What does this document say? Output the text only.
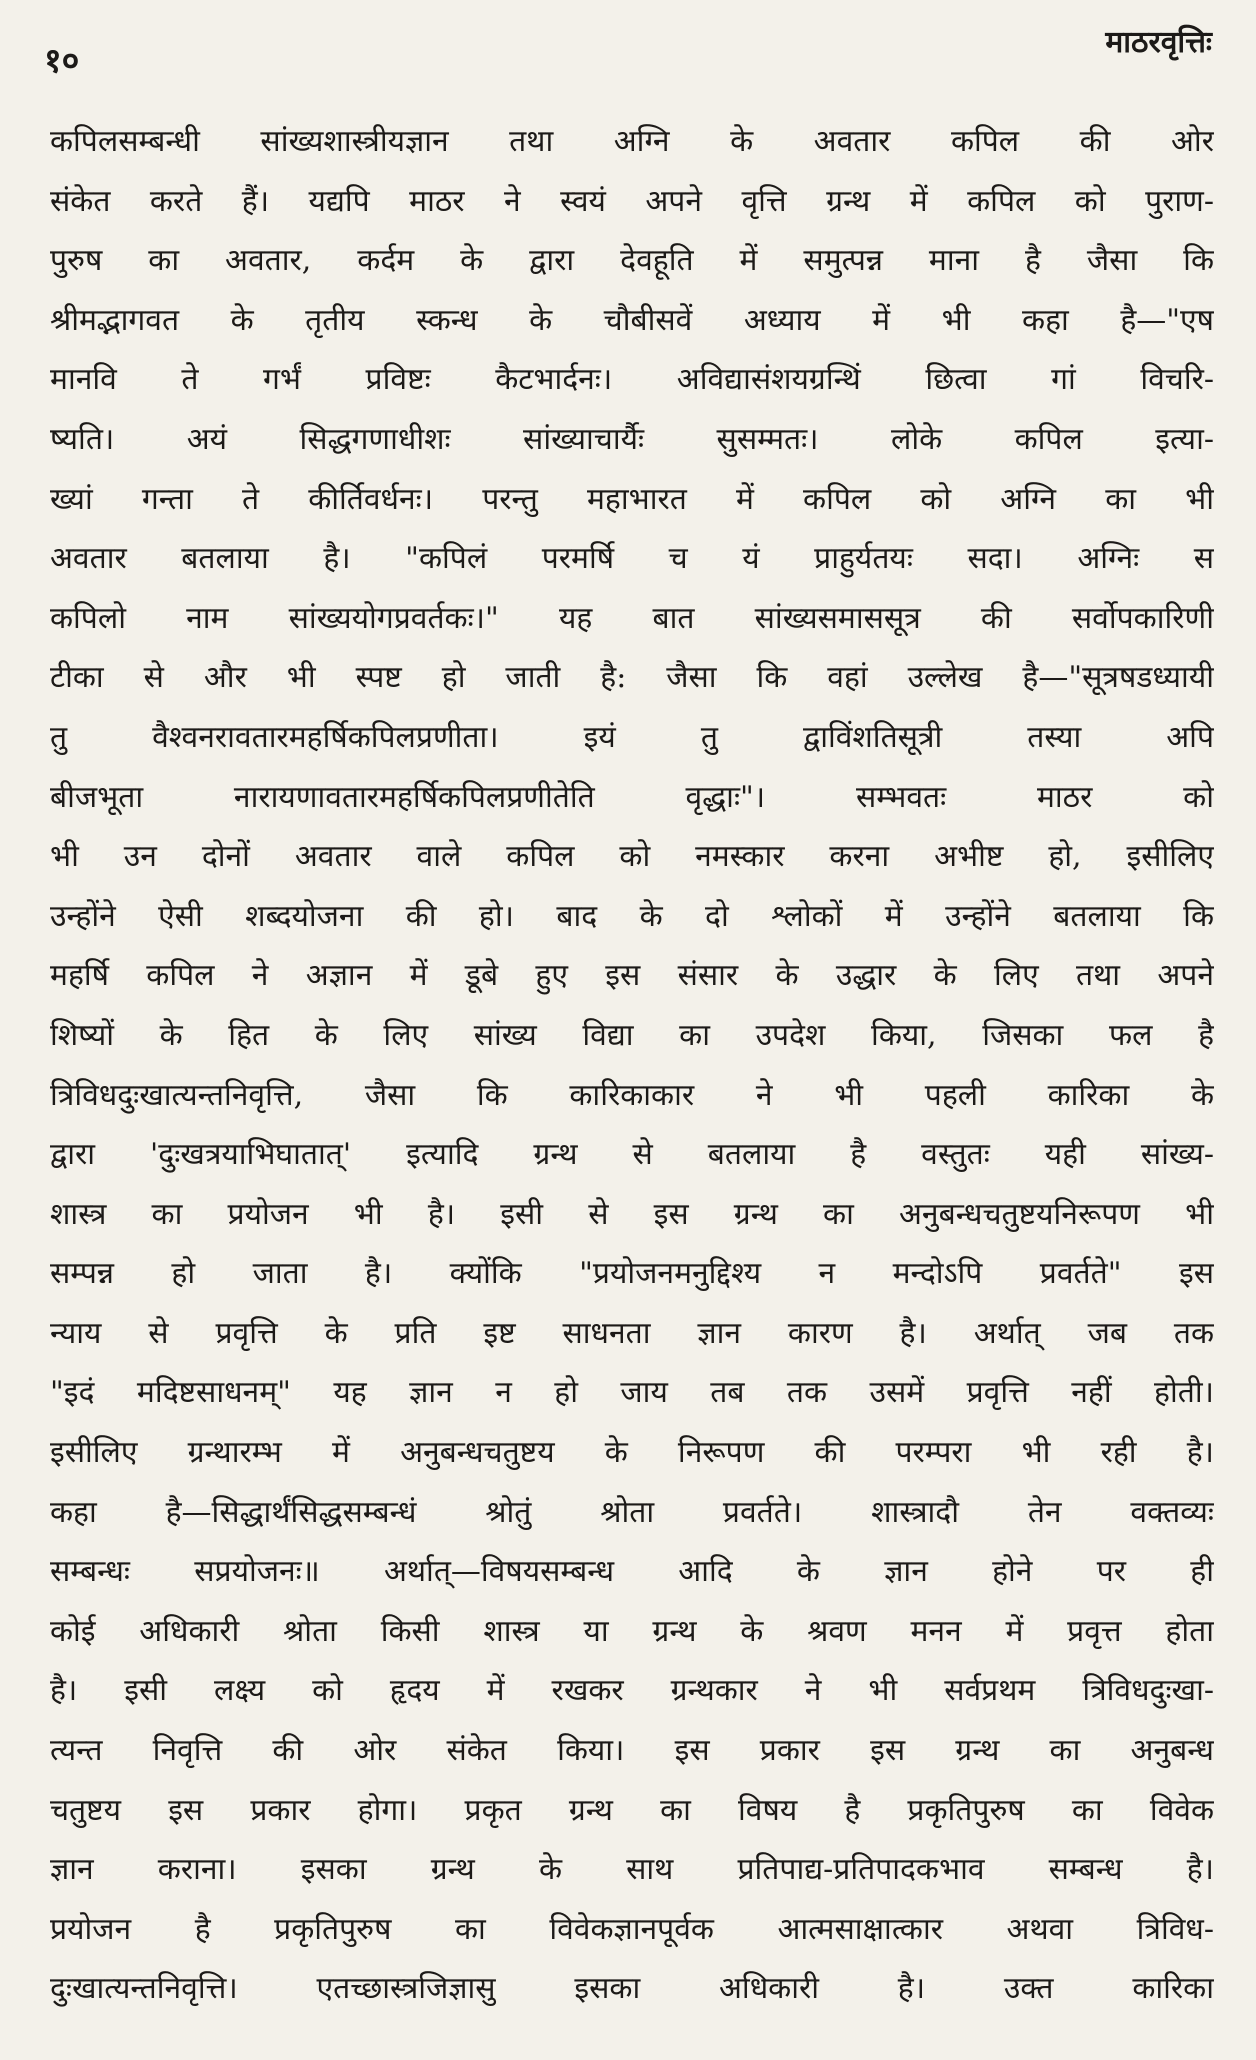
१०	माठरवृत्तिः
कपिलसम्बन्धी सांख्यशास्त्रीयज्ञान तथा अग्नि के अवतार कपिल की ओर
संकेत करते हैं। यद्यपि माठर ने स्वयं अपने वृत्ति ग्रन्थ में कपिल को पुराण-
पुरुष का अवतार, कर्दम के द्वारा देवहूति में समुत्पन्न माना है जैसा कि
श्रीमद्भागवत के तृतीय स्कन्ध के चौबीसवें अध्याय में भी कहा है—"एष
मानवि ते गर्भं प्रविष्टः कैटभार्दनः। अविद्यासंशयग्रन्थिं छित्वा गां विचरि-
ष्यति। अयं सिद्धगणाधीशः सांख्याचार्यैः सुसम्मतः। लोके कपिल इत्या-
ख्यां गन्ता ते कीर्तिवर्धनः। परन्तु महाभारत में कपिल को अग्नि का भी
अवतार बतलाया है। "कपिलं परमर्षि च यं प्राहुर्यतयः सदा। अग्निः स
कपिलो नाम सांख्ययोगप्रवर्तकः।" यह बात सांख्यसमाससूत्र की सर्वोपकारिणी
टीका से और भी स्पष्ट हो जाती है: जैसा कि वहां उल्लेख है—"सूत्रषडध्यायी
तु वैश्वनरावतारमहर्षिकपिलप्रणीता। इयं तु द्वाविंशतिसूत्री तस्या अपि
बीजभूता नारायणावतारमहर्षिकपिलप्रणीतेति वृद्धाः"। सम्भवतः माठर को
भी उन दोनों अवतार वाले कपिल को नमस्कार करना अभीष्ट हो, इसीलिए
उन्होंने ऐसी शब्दयोजना की हो। बाद के दो श्लोकों में उन्होंने बतलाया कि
महर्षि कपिल ने अज्ञान में डूबे हुए इस संसार के उद्धार के लिए तथा अपने
शिष्यों के हित के लिए सांख्य विद्या का उपदेश किया, जिसका फल है
त्रिविधदुःखात्यन्तनिवृत्ति, जैसा कि कारिकाकार ने भी पहली कारिका के
द्वारा 'दुःखत्रयाभिघातात्' इत्यादि ग्रन्थ से बतलाया है वस्तुतः यही सांख्य-
शास्त्र का प्रयोजन भी है। इसी से इस ग्रन्थ का अनुबन्धचतुष्टयनिरूपण भी
सम्पन्न हो जाता है। क्योंकि "प्रयोजनमनुद्दिश्य न मन्दोऽपि प्रवर्तते" इस
न्याय से प्रवृत्ति के प्रति इष्ट साधनता ज्ञान कारण है। अर्थात् जब तक
"इदं मदिष्टसाधनम्" यह ज्ञान न हो जाय तब तक उसमें प्रवृत्ति नहीं होती।
इसीलिए ग्रन्थारम्भ में अनुबन्धचतुष्टय के निरूपण की परम्परा भी रही है।
कहा है—सिद्धार्थंसिद्धसम्बन्धं श्रोतुं श्रोता प्रवर्तते। शास्त्रादौ तेन वक्तव्यः
सम्बन्धः सप्रयोजनः॥ अर्थात्—विषयसम्बन्ध आदि के ज्ञान होने पर ही
कोई अधिकारी श्रोता किसी शास्त्र या ग्रन्थ के श्रवण मनन में प्रवृत्त होता
है। इसी लक्ष्य को हृदय में रखकर ग्रन्थकार ने भी सर्वप्रथम त्रिविधदुःखा-
त्यन्त निवृत्ति की ओर संकेत किया। इस प्रकार इस ग्रन्थ का अनुबन्ध
चतुष्टय इस प्रकार होगा। प्रकृत ग्रन्थ का विषय है प्रकृतिपुरुष का विवेक
ज्ञान कराना। इसका ग्रन्थ के साथ प्रतिपाद्य-प्रतिपादकभाव सम्बन्ध है।
प्रयोजन है प्रकृतिपुरुष का विवेकज्ञानपूर्वक आत्मसाक्षात्कार अथवा त्रिविध-
दुःखात्यन्तनिवृत्ति। एतच्छास्त्रजिज्ञासु इसका अधिकारी है। उक्त कारिका
